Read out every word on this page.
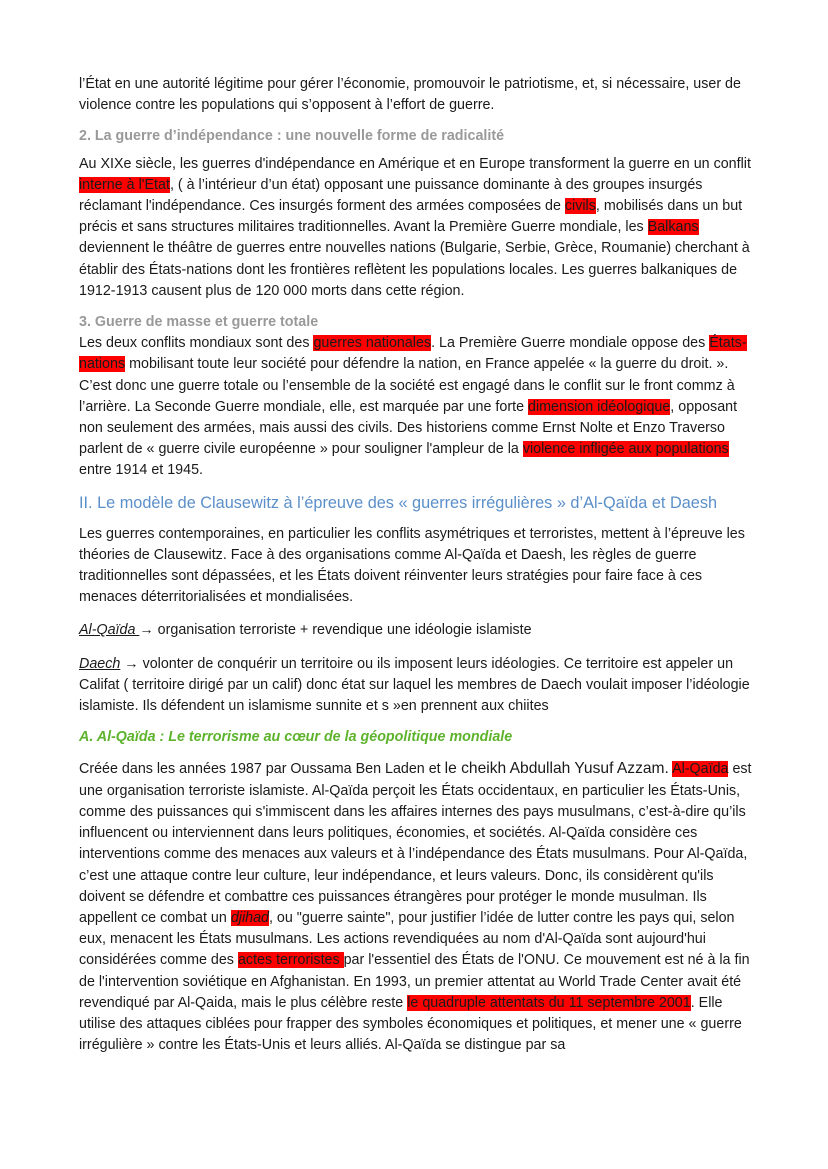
l’État en une autorité légitime pour gérer l’économie, promouvoir le patriotisme, et, si nécessaire, user de violence contre les populations qui s’opposent à l’effort de guerre.

2. La guerre d’indépendance : une nouvelle forme de radicalité

Au XIXe siècle, les guerres d'indépendance en Amérique et en Europe transforment la guerre en un conflit interne à l'Etat, ( à l’intérieur d’un état) opposant une puissance dominante à des groupes insurgés réclamant l'indépendance. Ces insurgés forment des armées composées de civils, mobilisés dans un but précis et sans structures militaires traditionnelles. Avant la Première Guerre mondiale, les Balkans deviennent le théâtre de guerres entre nouvelles nations (Bulgarie, Serbie, Grèce, Roumanie) cherchant à établir des États-nations dont les frontières reflètent les populations locales. Les guerres balkaniques de 1912-1913 causent plus de 120 000 morts dans cette région.

3. Guerre de masse et guerre totale

Les deux conflits mondiaux sont des guerres nationales. La Première Guerre mondiale oppose des États-nations mobilisant toute leur société pour défendre la nation, en France appelée « la guerre du droit. ». C’est donc une guerre totale ou l’ensemble de la société est engagé dans le conflit sur le front commz à l’arrière. La Seconde Guerre mondiale, elle, est marquée par une forte dimension idéologique, opposant non seulement des armées, mais aussi des civils. Des historiens comme Ernst Nolte et Enzo Traverso parlent de « guerre civile européenne » pour souligner l'ampleur de la violence infligée aux populations entre 1914 et 1945.

II. Le modèle de Clausewitz à l’épreuve des « guerres irrégulières » d’Al-Qaïda et Daesh

Les guerres contemporaines, en particulier les conflits asymétriques et terroristes, mettent à l’épreuve les théories de Clausewitz. Face à des organisations comme Al-Qaïda et Daesh, les règles de guerre traditionnelles sont dépassées, et les États doivent réinventer leurs stratégies pour faire face à ces menaces déterritorialisées et mondialisées.

Al-Qaïda → organisation terroriste + revendique une idéologie islamiste

Daech → volonter de conquérir un territoire ou ils imposent leurs idéologies. Ce territoire est appeler un Califat ( territoire dirigé par un calif) donc état sur laquel les membres de Daech voulait imposer l’idéologie islamiste. Ils défendent un islamisme sunnite et s »en prennent aux chiites

A. Al-Qaïda : Le terrorisme au cœur de la géopolitique mondiale

Créée dans les années 1987 par Oussama Ben Laden et le cheikh Abdullah Yusuf Azzam. Al-Qaïda est une organisation terroriste islamiste. Al-Qaïda perçoit les États occidentaux, en particulier les États-Unis, comme des puissances qui s'immiscent dans les affaires internes des pays musulmans, c’est-à-dire qu’ils influencent ou interviennent dans leurs politiques, économies, et sociétés. Al-Qaïda considère ces interventions comme des menaces aux valeurs et à l’indépendance des États musulmans. Pour Al-Qaïda, c’est une attaque contre leur culture, leur indépendance, et leurs valeurs. Donc, ils considèrent qu'ils doivent se défendre et combattre ces puissances étrangères pour protéger le monde musulman. Ils appellent ce combat un djihad, ou "guerre sainte", pour justifier l’idée de lutter contre les pays qui, selon eux, menacent les États musulmans. Les actions revendiquées au nom d'Al-Qaïda sont aujourd'hui considérées comme des actes terroristes par l'essentiel des États de l'ONU. Ce mouvement est né à la fin de l'intervention soviétique en Afghanistan. En 1993, un premier attentat au World Trade Center avait été revendiqué par Al-Qaida, mais le plus célèbre reste le quadruple attentats du 11 septembre 2001. Elle utilise des attaques ciblées pour frapper des symboles économiques et politiques, et mener une « guerre irrégulière » contre les États-Unis et leurs alliés. Al-Qaïda se distingue par sa
